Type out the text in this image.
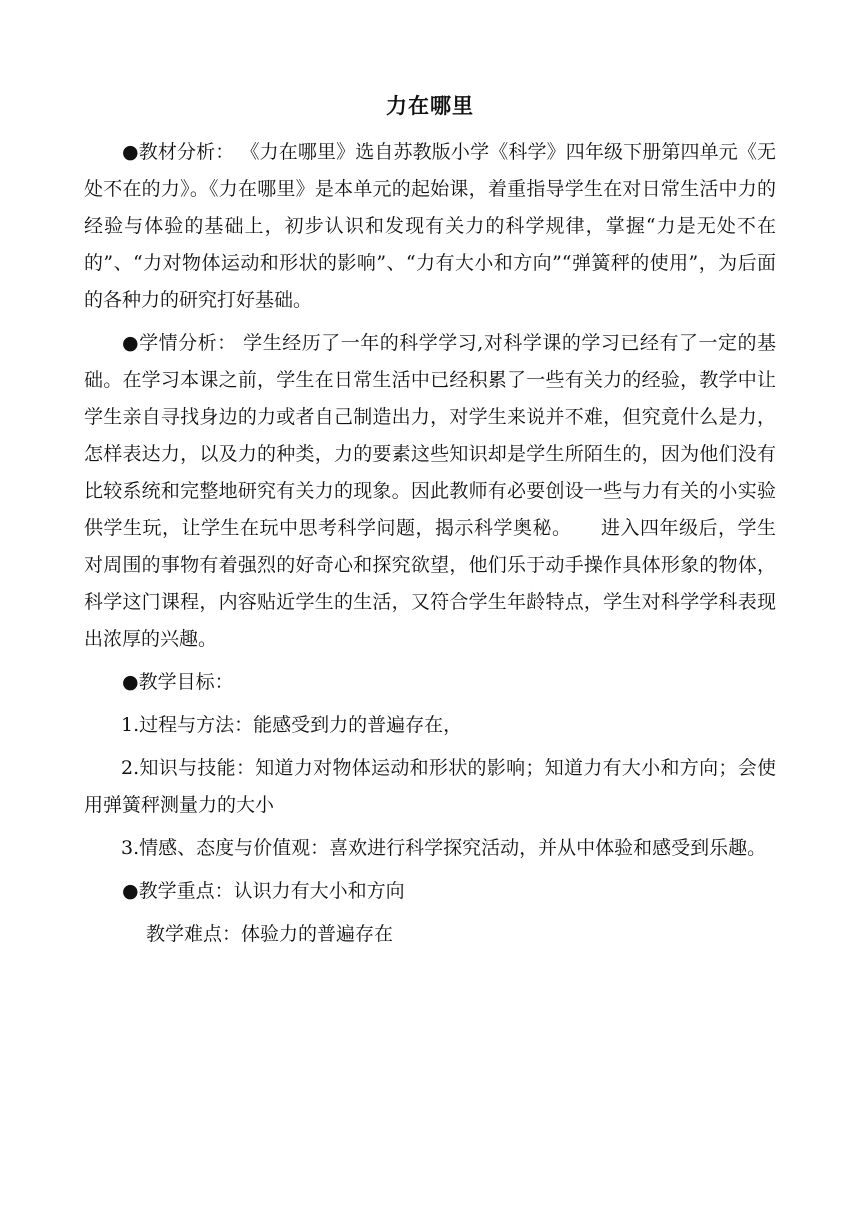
力在哪里

●教材分析： 《力在哪里》选自苏教版小学《科学》四年级下册第四单元《无处不在的力》。《力在哪里》是本单元的起始课，着重指导学生在对日常生活中力的经验与体验的基础上，初步认识和发现有关力的科学规律，掌握“力是无处不在的”、“力对物体运动和形状的影响”、“力有大小和方向”“弹簧秤的使用”，为后面的各种力的研究打好基础。

●学情分析： 学生经历了一年的科学学习,对科学课的学习已经有了一定的基础。在学习本课之前，学生在日常生活中已经积累了一些有关力的经验，教学中让学生亲自寻找身边的力或者自己制造出力，对学生来说并不难，但究竟什么是力，怎样表达力，以及力的种类，力的要素这些知识却是学生所陌生的，因为他们没有比较系统和完整地研究有关力的现象。因此教师有必要创设一些与力有关的小实验供学生玩，让学生在玩中思考科学问题，揭示科学奥秘。　　进入四年级后，学生对周围的事物有着强烈的好奇心和探究欲望，他们乐于动手操作具体形象的物体，科学这门课程，内容贴近学生的生活，又符合学生年龄特点，学生对科学学科表现出浓厚的兴趣。

●教学目标：

1.过程与方法：能感受到力的普遍存在，

2.知识与技能：知道力对物体运动和形状的影响；知道力有大小和方向；会使用弹簧秤测量力的大小

3.情感、态度与价值观：喜欢进行科学探究活动，并从中体验和感受到乐趣。

●教学重点：认识力有大小和方向

教学难点：体验力的普遍存在
